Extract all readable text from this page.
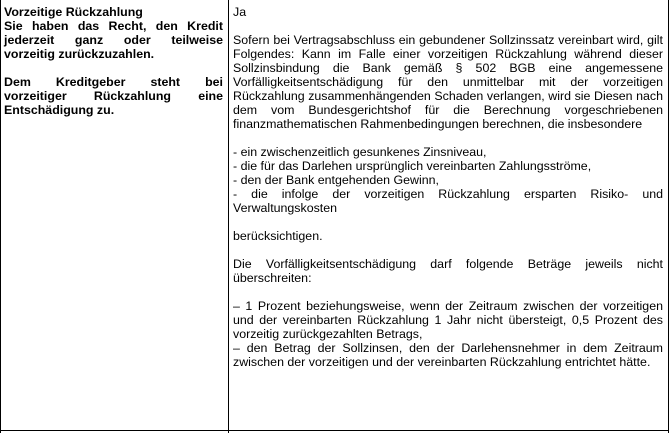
Vorzeitige Rückzahlung

Sie haben das Recht, den Kredit jederzeit ganz oder teilweise vorzeitig zurückzuzahlen.

Dem Kreditgeber steht bei vorzeitiger Rückzahlung eine Entschädigung zu.

Ja

Sofern bei Vertragsabschluss ein gebundener Sollzinssatz vereinbart wird, gilt Folgendes: Kann im Falle einer vorzeitigen Rückzahlung während dieser Sollzinsbindung die Bank gemäß § 502 BGB eine angemessene Vorfälligkeitsentschädigung für den unmittelbar mit der vorzeitigen Rückzahlung zusammenhängenden Schaden verlangen, wird sie Diesen nach dem vom Bundesgerichtshof für die Berechnung vorgeschriebenen finanzmathematischen Rahmenbedingungen berechnen, die insbesondere

- ein zwischenzeitlich gesunkenes Zinsniveau,

- die für das Darlehen ursprünglich vereinbarten Zahlungsströme,

- den der Bank entgehenden Gewinn,

- die infolge der vorzeitigen Rückzahlung ersparten Risiko- und Verwaltungskosten

berücksichtigen.

Die Vorfälligkeitsentschädigung darf folgende Beträge jeweils nicht überschreiten:

– 1 Prozent beziehungsweise, wenn der Zeitraum zwischen der vorzeitigen und der vereinbarten Rückzahlung 1 Jahr nicht übersteigt, 0,5 Prozent des vorzeitig zurückgezahlten Betrags,

– den Betrag der Sollzinsen, den der Darlehensnehmer in dem Zeitraum zwischen der vorzeitigen und der vereinbarten Rückzahlung entrichtet hätte.
